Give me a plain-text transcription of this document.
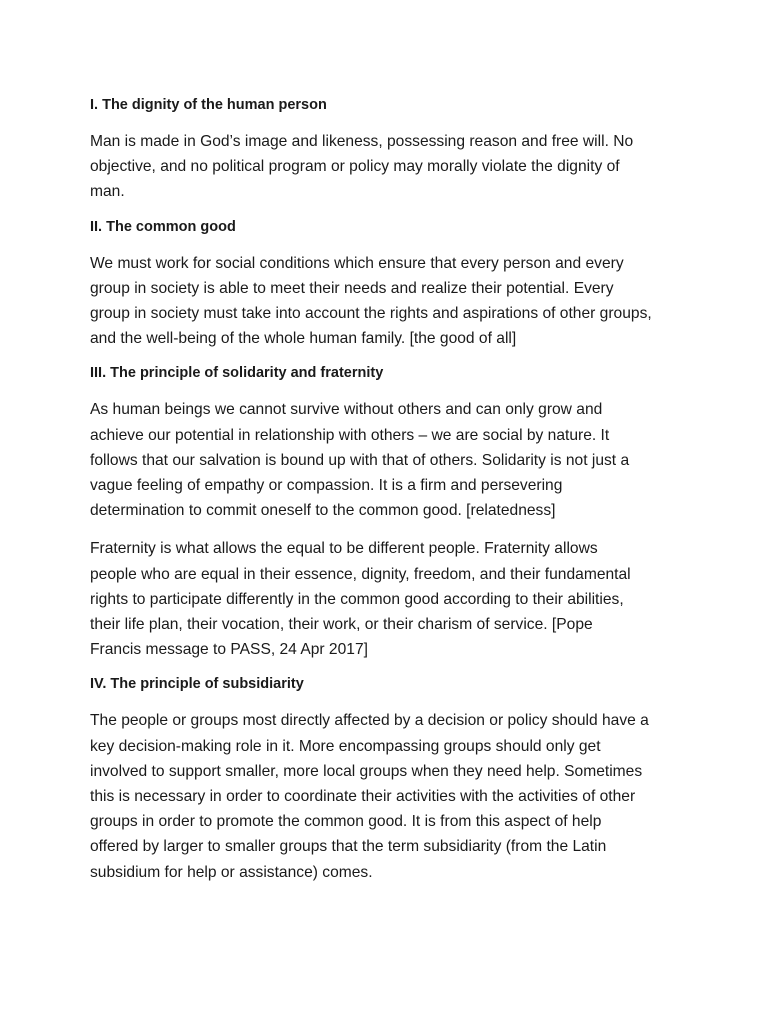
I. The dignity of the human person
Man is made in God’s image and likeness, possessing reason and free will. No
objective, and no political program or policy may morally violate the dignity of
man.
II. The common good
We must work for social conditions which ensure that every person and every
group in society is able to meet their needs and realize their potential. Every
group in society must take into account the rights and aspirations of other groups,
and the well-being of the whole human family. [the good of all]
III. The principle of solidarity and fraternity
As human beings we cannot survive without others and can only grow and
achieve our potential in relationship with others – we are social by nature. It
follows that our salvation is bound up with that of others. Solidarity is not just a
vague feeling of empathy or compassion. It is a firm and persevering
determination to commit oneself to the common good. [relatedness]
Fraternity is what allows the equal to be different people. Fraternity allows
people who are equal in their essence, dignity, freedom, and their fundamental
rights to participate differently in the common good according to their abilities,
their life plan, their vocation, their work, or their charism of service. [Pope
Francis message to PASS, 24 Apr 2017]
IV. The principle of subsidiarity
The people or groups most directly affected by a decision or policy should have a
key decision-making role in it. More encompassing groups should only get
involved to support smaller, more local groups when they need help. Sometimes
this is necessary in order to coordinate their activities with the activities of other
groups in order to promote the common good. It is from this aspect of help
offered by larger to smaller groups that the term subsidiarity (from the Latin
subsidium for help or assistance) comes.
